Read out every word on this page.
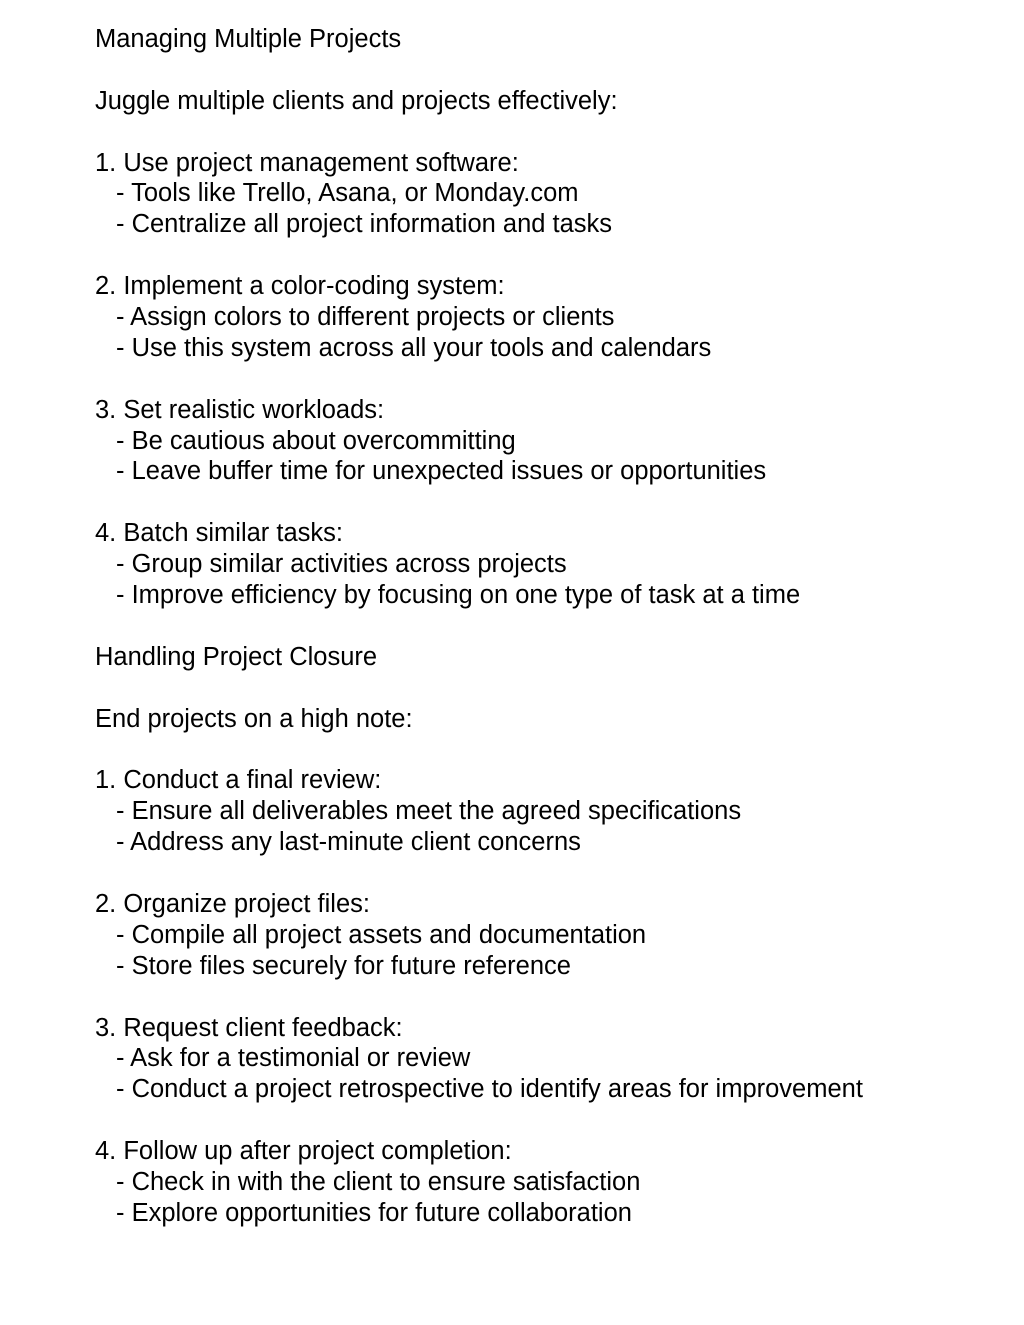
Managing Multiple Projects
Juggle multiple clients and projects effectively:
1. Use project management software:
- Tools like Trello, Asana, or Monday.com
- Centralize all project information and tasks
2. Implement a color-coding system:
- Assign colors to different projects or clients
- Use this system across all your tools and calendars
3. Set realistic workloads:
- Be cautious about overcommitting
- Leave buffer time for unexpected issues or opportunities
4. Batch similar tasks:
- Group similar activities across projects
- Improve efficiency by focusing on one type of task at a time
Handling Project Closure
End projects on a high note:
1. Conduct a final review:
- Ensure all deliverables meet the agreed specifications
- Address any last-minute client concerns
2. Organize project files:
- Compile all project assets and documentation
- Store files securely for future reference
3. Request client feedback:
- Ask for a testimonial or review
- Conduct a project retrospective to identify areas for improvement
4. Follow up after project completion:
- Check in with the client to ensure satisfaction
- Explore opportunities for future collaboration
